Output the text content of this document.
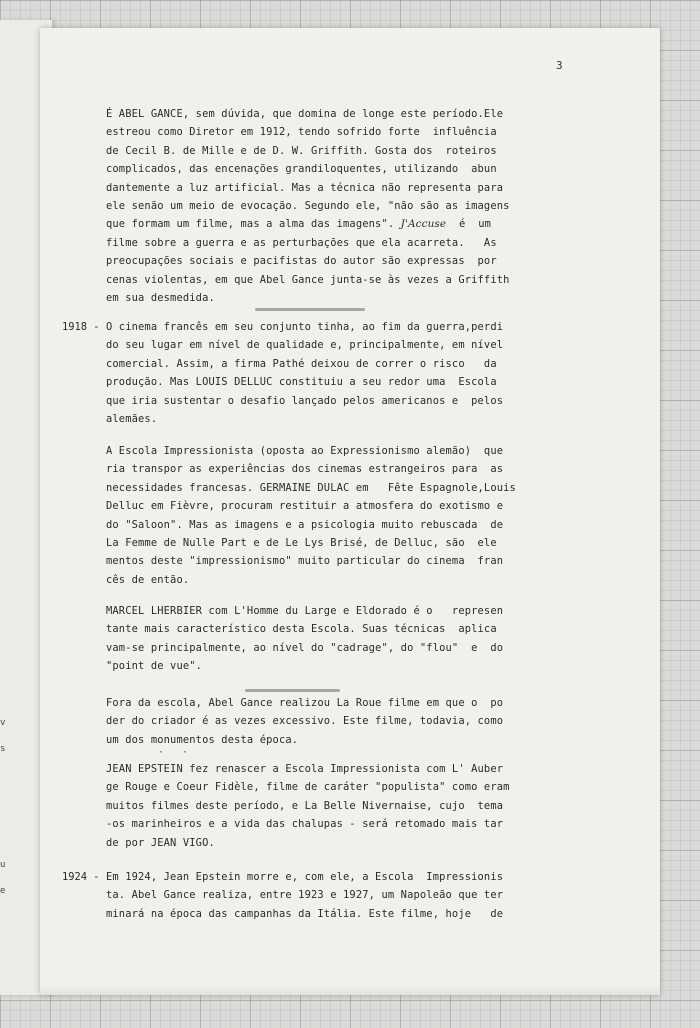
v
s
u
e
3
É ABEL GANCE, sem dúvida, que domina de longe este período.Ele
estreou como Diretor em 1912, tendo sofrido forte  influência
de Cecil B. de Mille e de D. W. Griffith. Gosta dos  roteiros
complicados, das encenações grandiloquentes, utilizando  abun
dantemente a luz artificial. Mas a técnica não representa para
ele senão um meio de evocação. Segundo ele, "não são as imagens
que formam um filme, mas a alma das imagens". J'Accuse  é  um
filme sobre a guerra e as perturbações que ela acarreta.   As
preocupações sociais e pacifistas do autor são expressas  por
cenas violentas, em que Abel Gance junta-se às vezes a Griffith
em sua desmedida.
1918 - O cinema francês em seu conjunto tinha, ao fim da guerra,perdi
do seu lugar em nível de qualidade e, principalmente, em nível
comercial. Assim, a firma Pathé deixou de correr o risco   da
produção. Mas LOUIS DELLUC constituiu a seu redor uma  Escola
que iria sustentar o desafio lançado pelos americanos e  pelos
alemães.
A Escola Impressionista (oposta ao Expressionismo alemão)  que
ria transpor as experiências dos cinemas estrangeiros para  as
necessidades francesas. GERMAINE DULAC em   Fête Espagnole,Louis
Delluc em Fièvre, procuram restituir a atmosfera do exotismo e
do "Saloon". Mas as imagens e a psicologia muito rebuscada  de
La Femme de Nulle Part e de Le Lys Brisé, de Delluc, são  ele
mentos deste "impressionismo" muito particular do cinema  fran
cês de então.
MARCEL LHERBIER com L'Homme du Large e Eldorado é o   represen
tante mais característico desta Escola. Suas técnicas  aplica
vam-se principalmente, ao nível do "cadrage", do "flou"  e  do
"point de vue".
Fora da escola, Abel Gance realizou La Roue filme em que o  po
der do criador é as vezes excessivo. Este filme, todavia, como
um dos monumentos desta época.
· ·
JEAN EPSTEIN fez renascer a Escola Impressionista com L' Auber
ge Rouge e Coeur Fidèle, filme de caráter "populista" como eram
muitos filmes deste período, e La Belle Nivernaise, cujo  tema
-os marinheiros e a vida das chalupas - será retomado mais tar
de por JEAN VIGO.
1924 - Em 1924, Jean Epstein morre e, com ele, a Escola  Impressionis
ta. Abel Gance realiza, entre 1923 e 1927, um Napoleão que ter
minará na época das campanhas da Itália. Este filme, hoje   de
